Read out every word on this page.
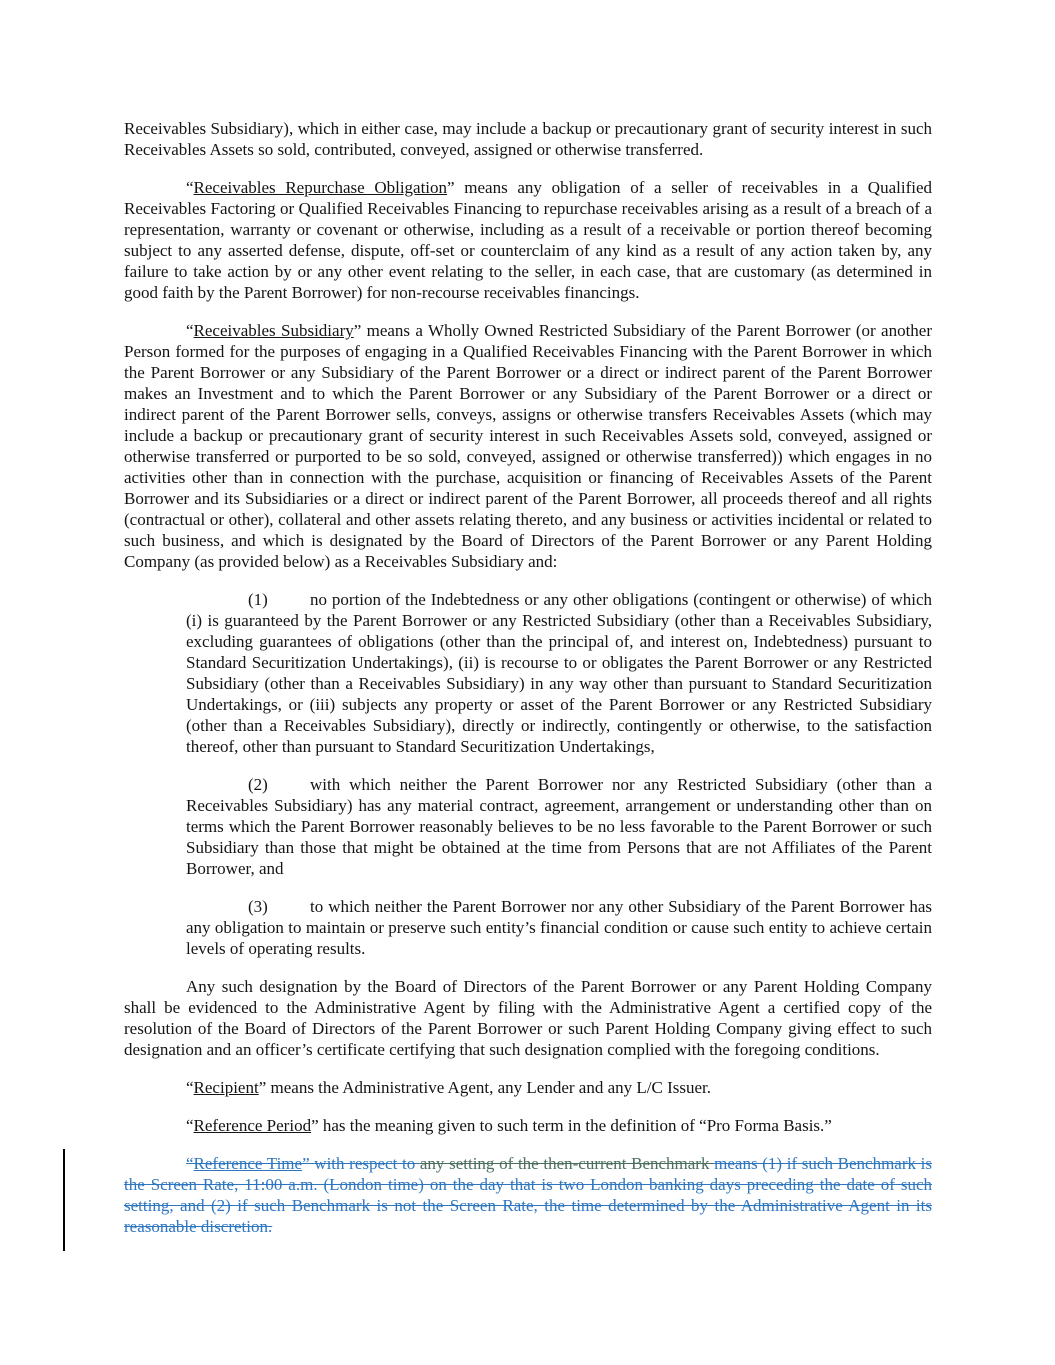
Receivables Subsidiary), which in either case, may include a backup or precautionary grant of security interest in such Receivables Assets so sold, contributed, conveyed, assigned or otherwise transferred.

“Receivables Repurchase Obligation” means any obligation of a seller of receivables in a Qualified Receivables Factoring or Qualified Receivables Financing to repurchase receivables arising as a result of a breach of a representation, warranty or covenant or otherwise, including as a result of a receivable or portion thereof becoming subject to any asserted defense, dispute, off-set or counterclaim of any kind as a result of any action taken by, any failure to take action by or any other event relating to the seller, in each case, that are customary (as determined in good faith by the Parent Borrower) for non-recourse receivables financings.

“Receivables Subsidiary” means a Wholly Owned Restricted Subsidiary of the Parent Borrower (or another Person formed for the purposes of engaging in a Qualified Receivables Financing with the Parent Borrower in which the Parent Borrower or any Subsidiary of the Parent Borrower or a direct or indirect parent of the Parent Borrower makes an Investment and to which the Parent Borrower or any Subsidiary of the Parent Borrower or a direct or indirect parent of the Parent Borrower sells, conveys, assigns or otherwise transfers Receivables Assets (which may include a backup or precautionary grant of security interest in such Receivables Assets sold, conveyed, assigned or otherwise transferred or purported to be so sold, conveyed, assigned or otherwise transferred)) which engages in no activities other than in connection with the purchase, acquisition or financing of Receivables Assets of the Parent Borrower and its Subsidiaries or a direct or indirect parent of the Parent Borrower, all proceeds thereof and all rights (contractual or other), collateral and other assets relating thereto, and any business or activities incidental or related to such business, and which is designated by the Board of Directors of the Parent Borrower or any Parent Holding Company (as provided below) as a Receivables Subsidiary and:

(1) no portion of the Indebtedness or any other obligations (contingent or otherwise) of which (i) is guaranteed by the Parent Borrower or any Restricted Subsidiary (other than a Receivables Subsidiary, excluding guarantees of obligations (other than the principal of, and interest on, Indebtedness) pursuant to Standard Securitization Undertakings), (ii) is recourse to or obligates the Parent Borrower or any Restricted Subsidiary (other than a Receivables Subsidiary) in any way other than pursuant to Standard Securitization Undertakings, or (iii) subjects any property or asset of the Parent Borrower or any Restricted Subsidiary (other than a Receivables Subsidiary), directly or indirectly, contingently or otherwise, to the satisfaction thereof, other than pursuant to Standard Securitization Undertakings,

(2) with which neither the Parent Borrower nor any Restricted Subsidiary (other than a Receivables Subsidiary) has any material contract, agreement, arrangement or understanding other than on terms which the Parent Borrower reasonably believes to be no less favorable to the Parent Borrower or such Subsidiary than those that might be obtained at the time from Persons that are not Affiliates of the Parent Borrower, and

(3) to which neither the Parent Borrower nor any other Subsidiary of the Parent Borrower has any obligation to maintain or preserve such entity’s financial condition or cause such entity to achieve certain levels of operating results.

Any such designation by the Board of Directors of the Parent Borrower or any Parent Holding Company shall be evidenced to the Administrative Agent by filing with the Administrative Agent a certified copy of the resolution of the Board of Directors of the Parent Borrower or such Parent Holding Company giving effect to such designation and an officer’s certificate certifying that such designation complied with the foregoing conditions.

“Recipient” means the Administrative Agent, any Lender and any L/C Issuer.

“Reference Period” has the meaning given to such term in the definition of “Pro Forma Basis.”

“Reference Time” with respect to any setting of the then-current Benchmark means (1) if such Benchmark is the Screen Rate, 11:00 a.m. (London time) on the day that is two London banking days preceding the date of such setting, and (2) if such Benchmark is not the Screen Rate, the time determined by the Administrative Agent in its reasonable discretion.
